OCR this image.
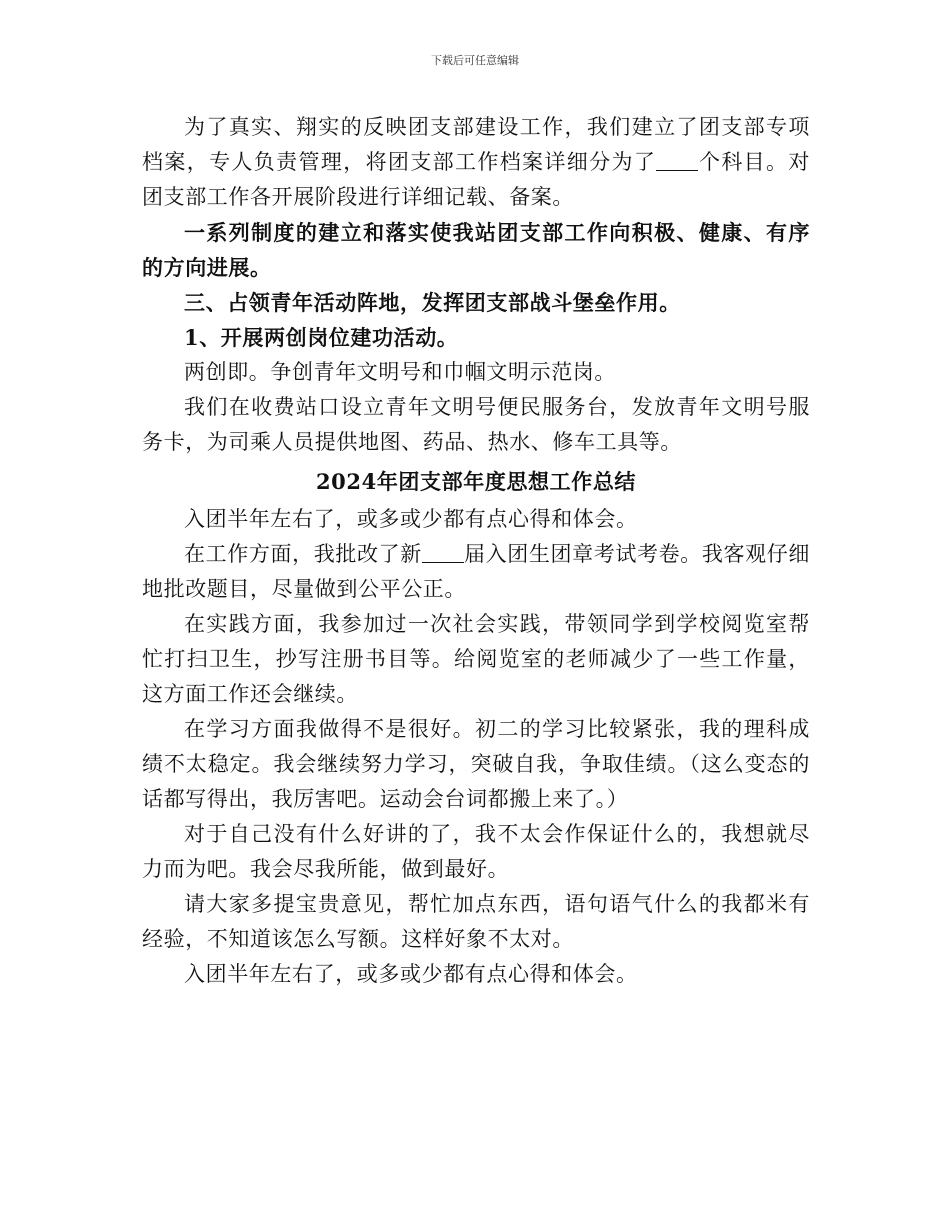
下载后可任意编辑

为了真实、翔实的反映团支部建设工作，我们建立了团支部专项档案，专人负责管理，将团支部工作档案详细分为了 个科目。对团支部工作各开展阶段进行详细记载、备案。

一系列制度的建立和落实使我站团支部工作向积极、健康、有序的方向进展。

三、占领青年活动阵地，发挥团支部战斗堡垒作用。

1、开展两创岗位建功活动。

两创即。争创青年文明号和巾帼文明示范岗。

我们在收费站口设立青年文明号便民服务台，发放青年文明号服务卡，为司乘人员提供地图、药品、热水、修车工具等。

2024年团支部年度思想工作总结

入团半年左右了，或多或少都有点心得和体会。

在工作方面，我批改了新 届入团生团章考试考卷。我客观仔细地批改题目，尽量做到公平公正。

在实践方面，我参加过一次社会实践，带领同学到学校阅览室帮忙打扫卫生，抄写注册书目等。给阅览室的老师减少了一些工作量，这方面工作还会继续。

在学习方面我做得不是很好。初二的学习比较紧张，我的理科成绩不太稳定。我会继续努力学习，突破自我，争取佳绩。（这么变态的话都写得出，我厉害吧。运动会台词都搬上来了。）

对于自己没有什么好讲的了，我不太会作保证什么的，我想就尽力而为吧。我会尽我所能，做到最好。

请大家多提宝贵意见，帮忙加点东西，语句语气什么的我都米有经验，不知道该怎么写额。这样好象不太对。

入团半年左右了，或多或少都有点心得和体会。
